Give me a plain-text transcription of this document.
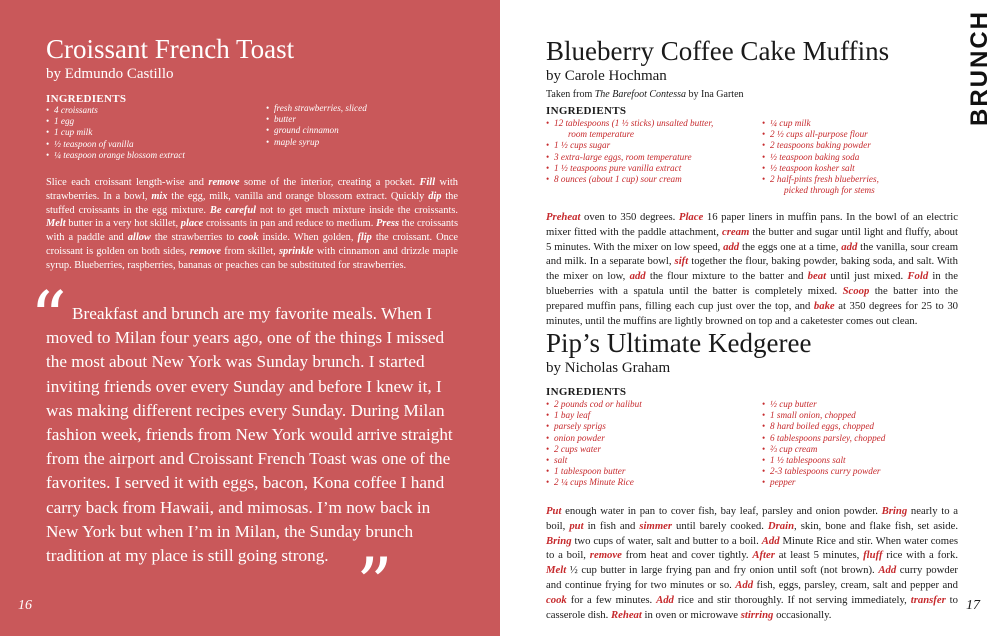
Croissant French Toast
by Edmundo Castillo
INGREDIENTS
• 4 croissants
• 1 egg
• 1 cup milk
• ½ teaspoon of vanilla
• ¼ teaspoon orange blossom extract
• fresh strawberries, sliced
• butter
• ground cinnamon
• maple syrup
Slice each croissant length-wise and remove some of the interior, creating a pocket. Fill with strawberries. In a bowl, mix the egg, milk, vanilla and orange blossom extract. Quickly dip the stuffed croissants in the egg mixture. Be careful not to get much mixture inside the croissants. Melt butter in a very hot skillet, place croissants in pan and reduce to medium. Press the croissants with a paddle and allow the strawberries to cook inside. When golden, flip the croissant. Once croissant is golden on both sides, remove from skillet, sprinkle with cinnamon and drizzle maple syrup. Blueberries, raspberries, bananas or peaches can be substituted for strawberries.
“ Breakfast and brunch are my favorite meals. When I moved to Milan four years ago, one of the things I missed the most about New York was Sunday brunch. I started inviting friends over every Sunday and before I knew it, I was making different recipes every Sunday. During Milan fashion week, friends from New York would arrive straight from the airport and Croissant French Toast was one of the favorites. I served it with eggs, bacon, Kona coffee I hand carry back from Hawaii, and mimosas. I’m now back in New York but when I’m in Milan, the Sunday brunch tradition at my place is still going strong. ”
16
BRUNCH
Blueberry Coffee Cake Muffins
by Carole Hochman
Taken from The Barefoot Contessa by Ina Garten
INGREDIENTS
• 12 tablespoons (1 ½ sticks) unsalted butter,
room temperature
• 1 ½ cups sugar
• 3 extra-large eggs, room temperature
• 1 ½ teaspoons pure vanilla extract
• 8 ounces (about 1 cup) sour cream
• ¼ cup milk
• 2 ½ cups all-purpose flour
• 2 teaspoons baking powder
• ½ teaspoon baking soda
• ½ teaspoon kosher salt
• 2 half-pints fresh blueberries,
picked through for stems
Preheat oven to 350 degrees. Place 16 paper liners in muffin pans. In the bowl of an electric mixer fitted with the paddle attachment, cream the butter and sugar until light and fluffy, about 5 minutes. With the mixer on low speed, add the eggs one at a time, add the vanilla, sour cream and milk. In a separate bowl, sift together the flour, baking powder, baking soda, and salt. With the mixer on low, add the flour mixture to the batter and beat until just mixed. Fold in the blueberries with a spatula until the batter is completely mixed. Scoop the batter into the prepared muffin pans, filling each cup just over the top, and bake at 350 degrees for 25 to 30 minutes, until the muffins are lightly browned on top and a caketester comes out clean.
Pip’s Ultimate Kedgeree
by Nicholas Graham
INGREDIENTS
• 2 pounds cod or halibut
• 1 bay leaf
• parsely sprigs
• onion powder
• 2 cups water
• salt
• 1 tablespoon butter
• 2 ¼ cups Minute Rice
• ½ cup butter
• 1 small onion, chopped
• 8 hard boiled eggs, chopped
• 6 tablespoons parsley, chopped
• ⅔ cup cream
• 1 ½ tablespoons salt
• 2-3 tablespoons curry powder
• pepper
Put enough water in pan to cover fish, bay leaf, parsley and onion powder. Bring nearly to a boil, put in fish and simmer until barely cooked. Drain, skin, bone and flake fish, set aside. Bring two cups of water, salt and butter to a boil. Add Minute Rice and stir. When water comes to a boil, remove from heat and cover tightly. After at least 5 minutes, fluff rice with a fork. Melt ½ cup butter in large frying pan and fry onion until soft (not brown). Add curry powder and continue frying for two minutes or so. Add fish, eggs, parsley, cream, salt and pepper and cook for a few minutes. Add rice and stir thoroughly. If not serving immediately, transfer to casserole dish. Reheat in oven or microwave stirring occasionally.
17
